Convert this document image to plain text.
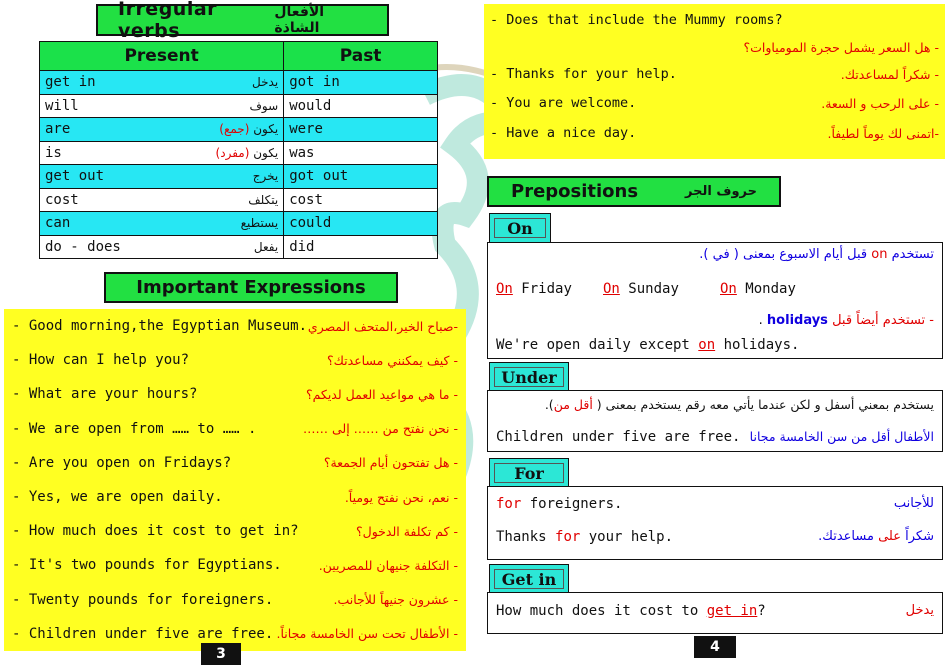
Irregular verbs
الأفعال الشاذة
Present	Past

get in يدخل	got in

will سوف	would

are يكون (جمع)	were

is يكون (مفرد)	was

get out يخرج	got out

cost يتكلف	cost

can يستطيع	could

do - does يفعل	did
Important Expressions
- Good morning,the Egyptian Museum. -صباح الخير،المتحف المصري
- How can I help you?	- كيف يمكنني مساعدتك؟
- What are your hours?	- ما هي مواعيد العمل لديكم؟
- We are open from …… to …… .	- نحن نفتح من …… إلى ……
- Are you open on Fridays?	- هل تفتحون أيام الجمعة؟
- Yes, we are open daily.	- نعم، نحن نفتح يومياً.
- How much does it cost to get in?	- كم تكلفة الدخول؟
- It's two pounds for Egyptians.	- التكلفة جنيهان للمصريين.
- Twenty pounds for foreigners.	- عشرون جنيهاً للأجانب.
- Children under five are free. - الأطفال تحت سن الخامسة مجاناً.
3
- Does that include the Mummy rooms?
- هل السعر يشمل حجرة المومياوات؟
- Thanks for your help.	- شكراً لمساعدتك.
- You are welcome.	- على الرحب و السعة.
- Have a nice day.	-اتمنى لك يوماً لطيفاً.
Prepositions	حروف الجر
On
تستخدم on قبل أيام الاسبوع بمعنى ( في ).
On Friday On Sunday	On Monday
- تستخدم أيضاً قبل holidays .
We're open daily except on holidays.
Under
يستخدم بمعني أسفل و لكن عندما يأتي معه رقم يستخدم بمعنى ( أقل من).
Children under five are free. الأطفال أقل من سن الخامسة مجانا
For
for foreigners.	للأجانب
Thanks for your help.	شكراً على مساعدتك.
Get in
How much does it cost to get in?	يدخل
4
